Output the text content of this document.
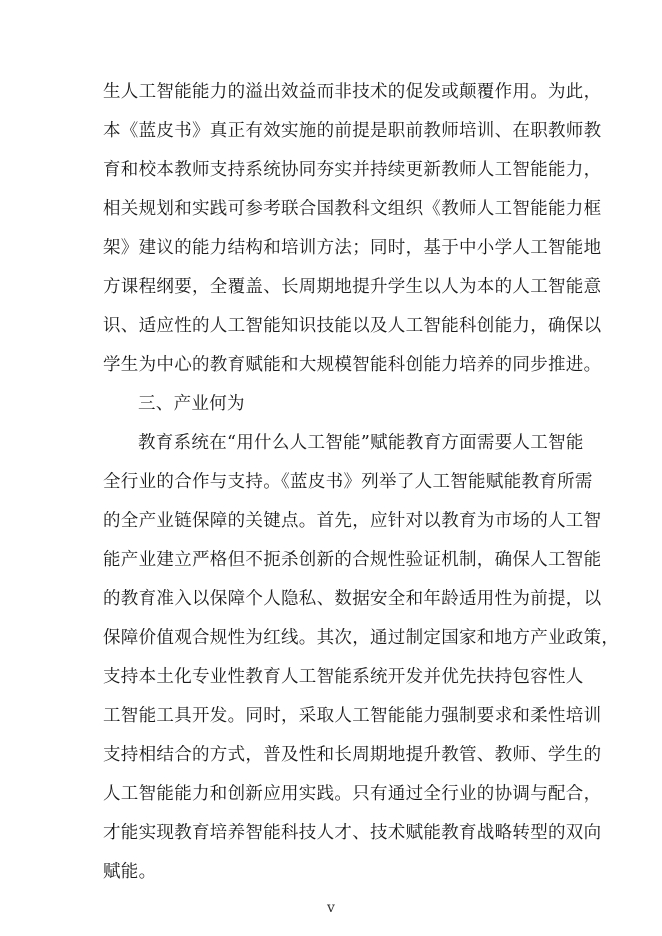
生人工智能能力的溢出效益而非技术的促发或颠覆作用。为此，
本《蓝皮书》真正有效实施的前提是职前教师培训、在职教师教
育和校本教师支持系统协同夯实并持续更新教师人工智能能力，
相关规划和实践可参考联合国教科文组织《教师人工智能能力框
架》建议的能力结构和培训方法；同时，基于中小学人工智能地
方课程纲要，全覆盖、长周期地提升学生以人为本的人工智能意
识、适应性的人工智能知识技能以及人工智能科创能力，确保以
学生为中心的教育赋能和大规模智能科创能力培养的同步推进。
三、产业何为
教育系统在“用什么人工智能”赋能教育方面需要人工智能
全行业的合作与支持。《蓝皮书》列举了人工智能赋能教育所需
的全产业链保障的关键点。首先，应针对以教育为市场的人工智
能产业建立严格但不扼杀创新的合规性验证机制，确保人工智能
的教育准入以保障个人隐私、数据安全和年龄适用性为前提，以
保障价值观合规性为红线。其次，通过制定国家和地方产业政策，
支持本土化专业性教育人工智能系统开发并优先扶持包容性人
工智能工具开发。同时，采取人工智能能力强制要求和柔性培训
支持相结合的方式，普及性和长周期地提升教管、教师、学生的
人工智能能力和创新应用实践。只有通过全行业的协调与配合，
才能实现教育培养智能科技人才、技术赋能教育战略转型的双向
赋能。
v
